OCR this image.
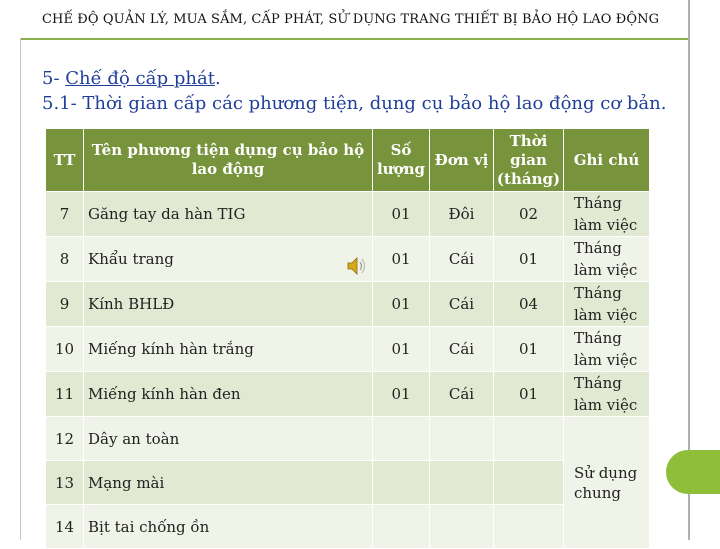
CHẾ ĐỘ QUẢN LÝ, MUA SẮM, CẤP PHÁT, SỬ DỤNG TRANG THIẾT BỊ BẢO HỘ LAO ĐỘNG
5- Chế độ cấp phát.
5.1- Thời gian cấp các phương tiện, dụng cụ bảo hộ lao động cơ bản.
TT	Tên phương tiện dụng cụ bảo hộ lao động	Số lượng	Đơn vị	Thời gian (tháng)	Ghi chú
7	Găng tay da hàn TIG	01	Đôi	02	Tháng làm việc
8	Khẩu trang	01	Cái	01	Tháng làm việc
9	Kính BHLĐ	01	Cái	04	Tháng làm việc
10	Miếng kính hàn trắng	01	Cái	01	Tháng làm việc
11	Miếng kính hàn đen	01	Cái	01	Tháng làm việc
12	Dây an toàn				Sử dụng chung
13	Mạng mài				
14	Bịt tai chống ồn				
